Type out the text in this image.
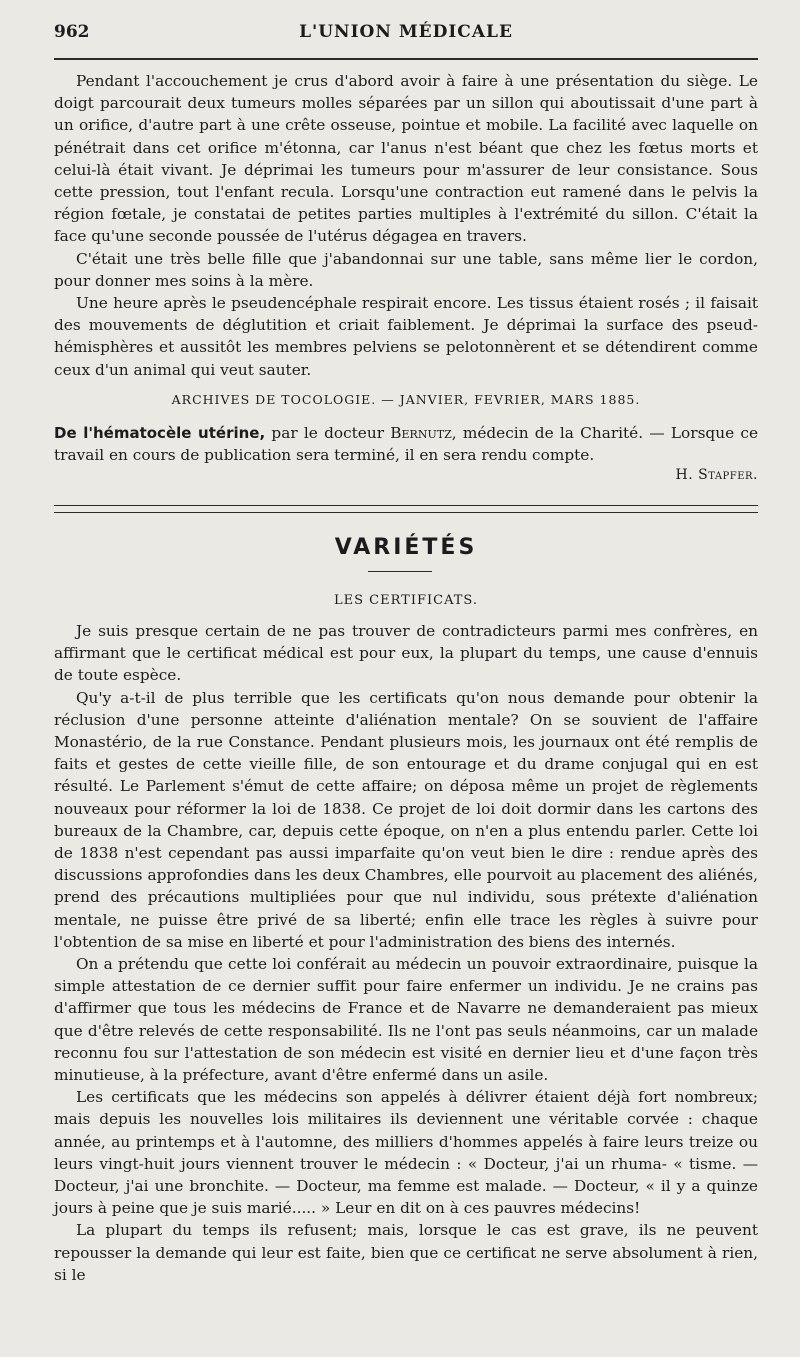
962	L'UNION MÉDICALE

Pendant l'accouchement je crus d'abord avoir à faire à une présentation du siège. Le doigt parcourait deux tumeurs molles séparées par un sillon qui aboutissait d'une part à un orifice, d'autre part à une crête osseuse, pointue et mobile. La facilité avec laquelle on pénétrait dans cet orifice m'étonna, car l'anus n'est béant que chez les fœtus morts et celui-là était vivant. Je déprimai les tumeurs pour m'assurer de leur consistance. Sous cette pression, tout l'enfant recula. Lorsqu'une contraction eut ramené dans le pelvis la région fœtale, je constatai de petites parties multiples à l'extrémité du sillon. C'était la face qu'une seconde poussée de l'utérus dégagea en travers.

C'était une très belle fille que j'abandonnai sur une table, sans même lier le cordon, pour donner mes soins à la mère.

Une heure après le pseudencéphale respirait encore. Les tissus étaient rosés ; il faisait des mouvements de déglutition et criait faiblement. Je déprimai la surface des pseud-hémisphères et aussitôt les membres pelviens se pelotonnèrent et se détendirent comme ceux d'un animal qui veut sauter.

ARCHIVES DE TOCOLOGIE. — JANVIER, FEVRIER, MARS 1885.
De l'hématocèle utérine, par le docteur Bernutz, médecin de la Charité. — Lorsque ce travail en cours de publication sera terminé, il en sera rendu compte.
H. Stapfer.
VARIÉTÉS
LES CERTIFICATS.

Je suis presque certain de ne pas trouver de contradicteurs parmi mes confrères, en affirmant que le certificat médical est pour eux, la plupart du temps, une cause d'ennuis de toute espèce.

Qu'y a-t-il de plus terrible que les certificats qu'on nous demande pour obtenir la réclusion d'une personne atteinte d'aliénation mentale? On se souvient de l'affaire Monastério, de la rue Constance. Pendant plusieurs mois, les journaux ont été remplis de faits et gestes de cette vieille fille, de son entourage et du drame conjugal qui en est résulté. Le Parlement s'émut de cette affaire; on déposa même un projet de règlements nouveaux pour réformer la loi de 1838. Ce projet de loi doit dormir dans les cartons des bureaux de la Chambre, car, depuis cette époque, on n'en a plus entendu parler. Cette loi de 1838 n'est cependant pas aussi imparfaite qu'on veut bien le dire : rendue après des discussions approfondies dans les deux Chambres, elle pourvoit au placement des aliénés, prend des précautions multipliées pour que nul individu, sous prétexte d'aliénation mentale, ne puisse être privé de sa liberté; enfin elle trace les règles à suivre pour l'obtention de sa mise en liberté et pour l'administration des biens des internés.

On a prétendu que cette loi conférait au médecin un pouvoir extraordinaire, puisque la simple attestation de ce dernier suffit pour faire enfermer un individu. Je ne crains pas d'affirmer que tous les médecins de France et de Navarre ne demanderaient pas mieux que d'être relevés de cette responsabilité. Ils ne l'ont pas seuls néanmoins, car un malade reconnu fou sur l'attestation de son médecin est visité en dernier lieu et d'une façon très minutieuse, à la préfecture, avant d'être enfermé dans un asile.

Les certificats que les médecins son appelés à délivrer étaient déjà fort nombreux; mais depuis les nouvelles lois militaires ils deviennent une véritable corvée : chaque année, au printemps et à l'automne, des milliers d'hommes appelés à faire leurs treize ou leurs vingt-huit jours viennent trouver le médecin : « Docteur, j'ai un rhuma- « tisme. — Docteur, j'ai une bronchite. — Docteur, ma femme est malade. — Docteur, « il y a quinze jours à peine que je suis marié..... » Leur en dit on à ces pauvres médecins!

La plupart du temps ils refusent; mais, lorsque le cas est grave, ils ne peuvent repousser la demande qui leur est faite, bien que ce certificat ne serve absolument à rien, si le
